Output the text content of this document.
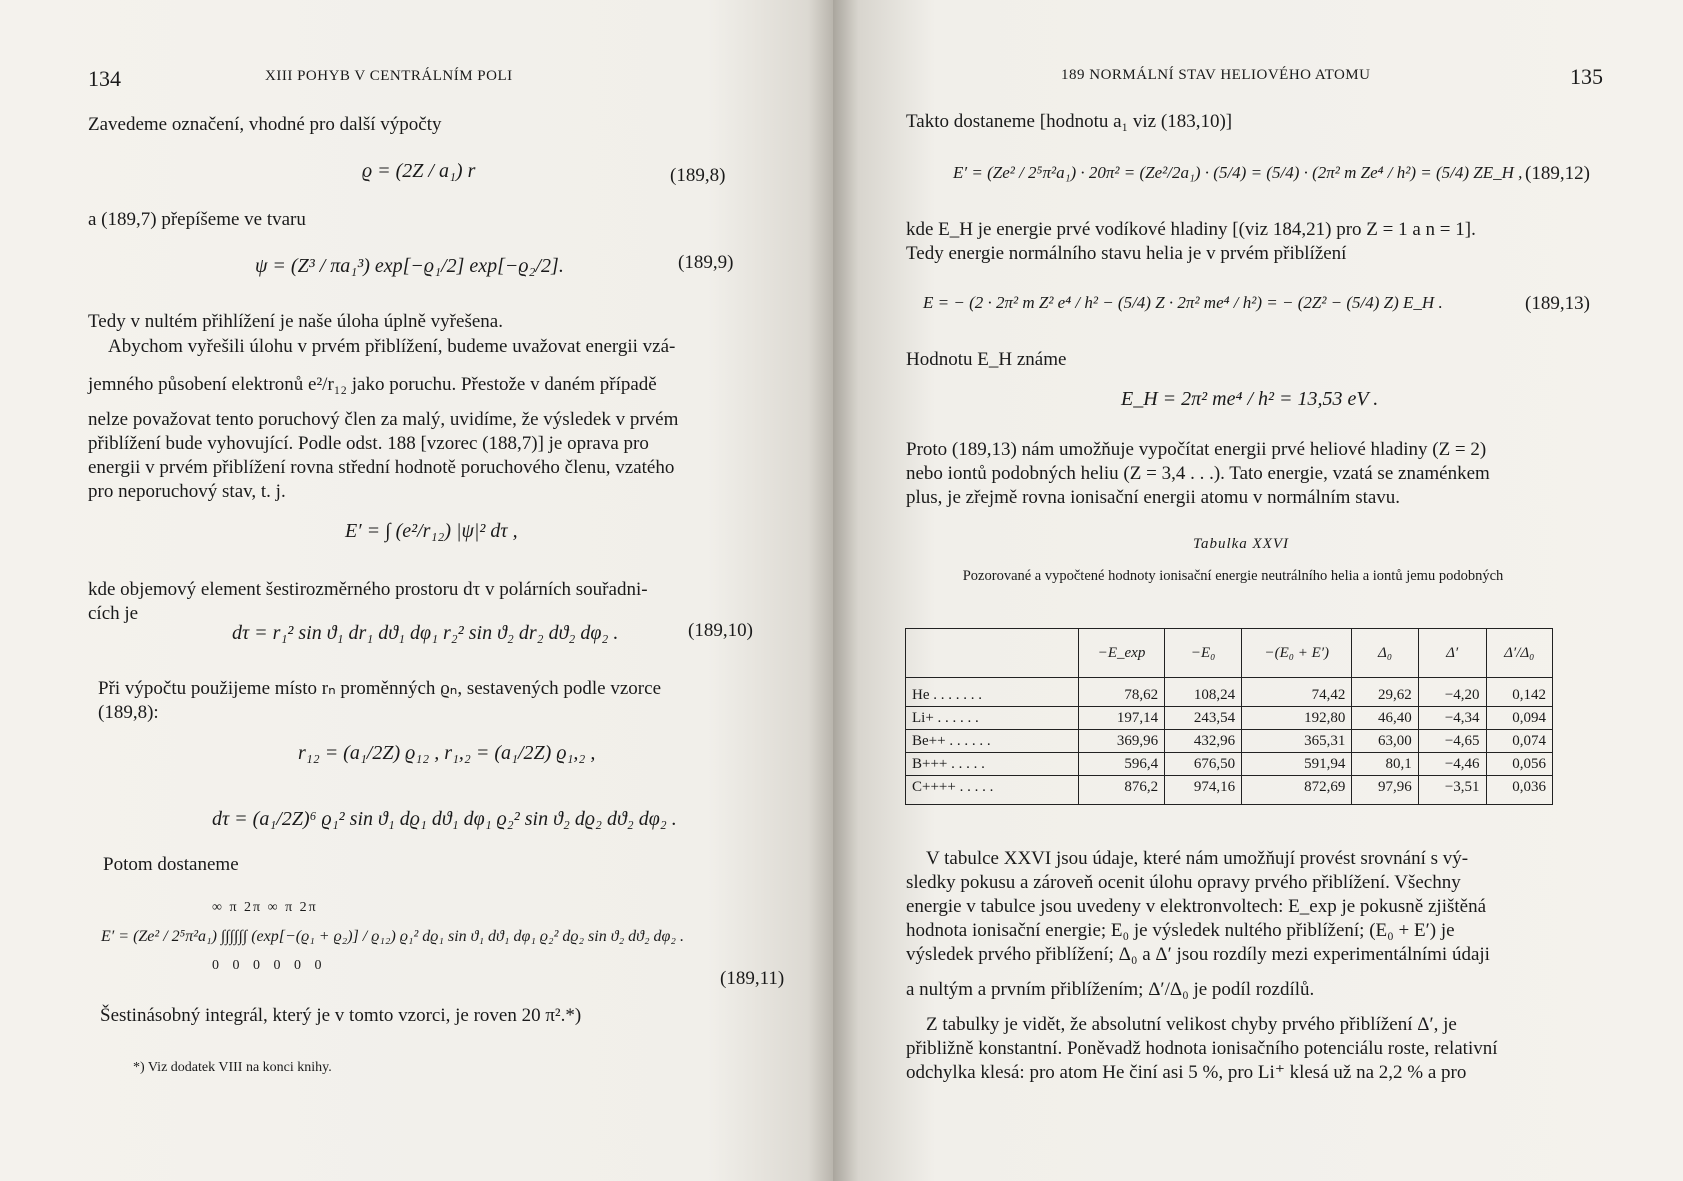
134	XIII POHYB V CENTRÁLNÍM POLI
Zavedeme označení, vhodné pro další výpočty
ϱ = (2Z / a₁) r	(189,8)
a (189,7) přepíšeme ve tvaru
ψ = (Z³ / πa₁³) exp[−ϱ₁/2] exp[−ϱ₂/2].	(189,9)
Tedy v nultém přihlížení je naše úloha úplně vyřešena.
Abychom vyřešili úlohu v prvém přiblížení, budeme uvažovat energii vzá-
jemného působení elektronů e²/r₁₂ jako poruchu. Přestože v daném případě
nelze považovat tento poruchový člen za malý, uvidíme, že výsledek v prvém
přiblížení bude vyhovující. Podle odst. 188 [vzorec (188,7)] je oprava pro
energii v prvém přiblížení rovna střední hodnotě poruchového členu, vzatého
pro neporuchový stav, t. j.
E′ = ∫ (e²/r₁₂) |ψ|² dτ ,
kde objemový element šestirozměrného prostoru dτ v polárních souřadni-
cích je
dτ = r₁² sin ϑ₁ dr₁ dϑ₁ dφ₁ r₂² sin ϑ₂ dr₂ dϑ₂ dφ₂ .	(189,10)
Při výpočtu použijeme místo rₙ proměnných ϱₙ, sestavených podle vzorce
(189,8):
r₁₂ = (a₁/2Z) ϱ₁₂ , r₁,₂ = (a₁/2Z) ϱ₁,₂ ,
dτ = (a₁/2Z)⁶ ϱ₁² sin ϑ₁ dϱ₁ dϑ₁ dφ₁ ϱ₂² sin ϑ₂ dϱ₂ dϑ₂ dφ₂ .
Potom dostaneme
∞ π 2π ∞ π 2π
E′ = (Ze² / 2⁵π²a₁) ∫∫∫∫∫∫ (exp[−(ϱ₁ + ϱ₂)] / ϱ₁₂) ϱ₁² dϱ₁ sin ϑ₁ dϑ₁ dφ₁ ϱ₂² dϱ₂ sin ϑ₂ dϑ₂ dφ₂ .
0 0 0 0 0 0
(189,11)
Šestinásobný integrál, který je v tomto vzorci, je roven 20 π².*)
*) Viz dodatek VIII na konci knihy.
189 NORMÁLNÍ STAV HELIOVÉHO ATOMU	135
Takto dostaneme [hodnotu a₁ viz (183,10)]
E′ = (Ze² / 2⁵π²a₁) · 20π² = (Ze²/2a₁) · (5/4) = (5/4) · (2π² m Ze⁴ / h²) = (5/4) ZE_H , (189,12)
kde E_H je energie prvé vodíkové hladiny [(viz 184,21) pro Z = 1 a n = 1].
Tedy energie normálního stavu helia je v prvém přiblížení
E = − (2 · 2π² m Z² e⁴ / h² − (5/4) Z · 2π² me⁴ / h²) = − (2Z² − (5/4) Z) E_H .	(189,13)
Hodnotu E_H známe
E_H = 2π² me⁴ / h² = 13,53 eV .
Proto (189,13) nám umožňuje vypočítat energii prvé heliové hladiny (Z = 2)
nebo iontů podobných heliu (Z = 3,4 . . .). Tato energie, vzatá se znaménkem
plus, je zřejmě rovna ionisační energii atomu v normálním stavu.
Tabulka XXVI
Pozorované a vypočtené hodnoty ionisační energie neutrálního helia a iontů jemu podobných
	−E_exp	−E₀	−(E₀ + E′)	Δ₀	Δ′	Δ′/Δ₀
He . . . . . . .	78,62	108,24	74,42	29,62	−4,20	0,142
Li+ . . . . . .	197,14	243,54	192,80	46,40	−4,34	0,094
Be++ . . . . . .	369,96	432,96	365,31	63,00	−4,65	0,074
B+++ . . . . .	596,4	676,50	591,94	80,1	−4,46	0,056
C++++ . . . . .	876,2	974,16	872,69	97,96	−3,51	0,036
V tabulce XXVI jsou údaje, které nám umožňují provést srovnání s vý-
sledky pokusu a zároveň ocenit úlohu opravy prvého přiblížení. Všechny
energie v tabulce jsou uvedeny v elektronvoltech: E_exp je pokusně zjištěná
hodnota ionisační energie; E₀ je výsledek nultého přiblížení; (E₀ + E′) je
výsledek prvého přiblížení; Δ₀ a Δ′ jsou rozdíly mezi experimentálními údaji
a nultým a prvním přiblížením; Δ′/Δ₀ je podíl rozdílů.
Z tabulky je vidět, že absolutní velikost chyby prvého přiblížení Δ′, je
přibližně konstantní. Poněvadž hodnota ionisačního potenciálu roste, relativní
odchylka klesá: pro atom He činí asi 5 %, pro Li⁺ klesá už na 2,2 % a pro
